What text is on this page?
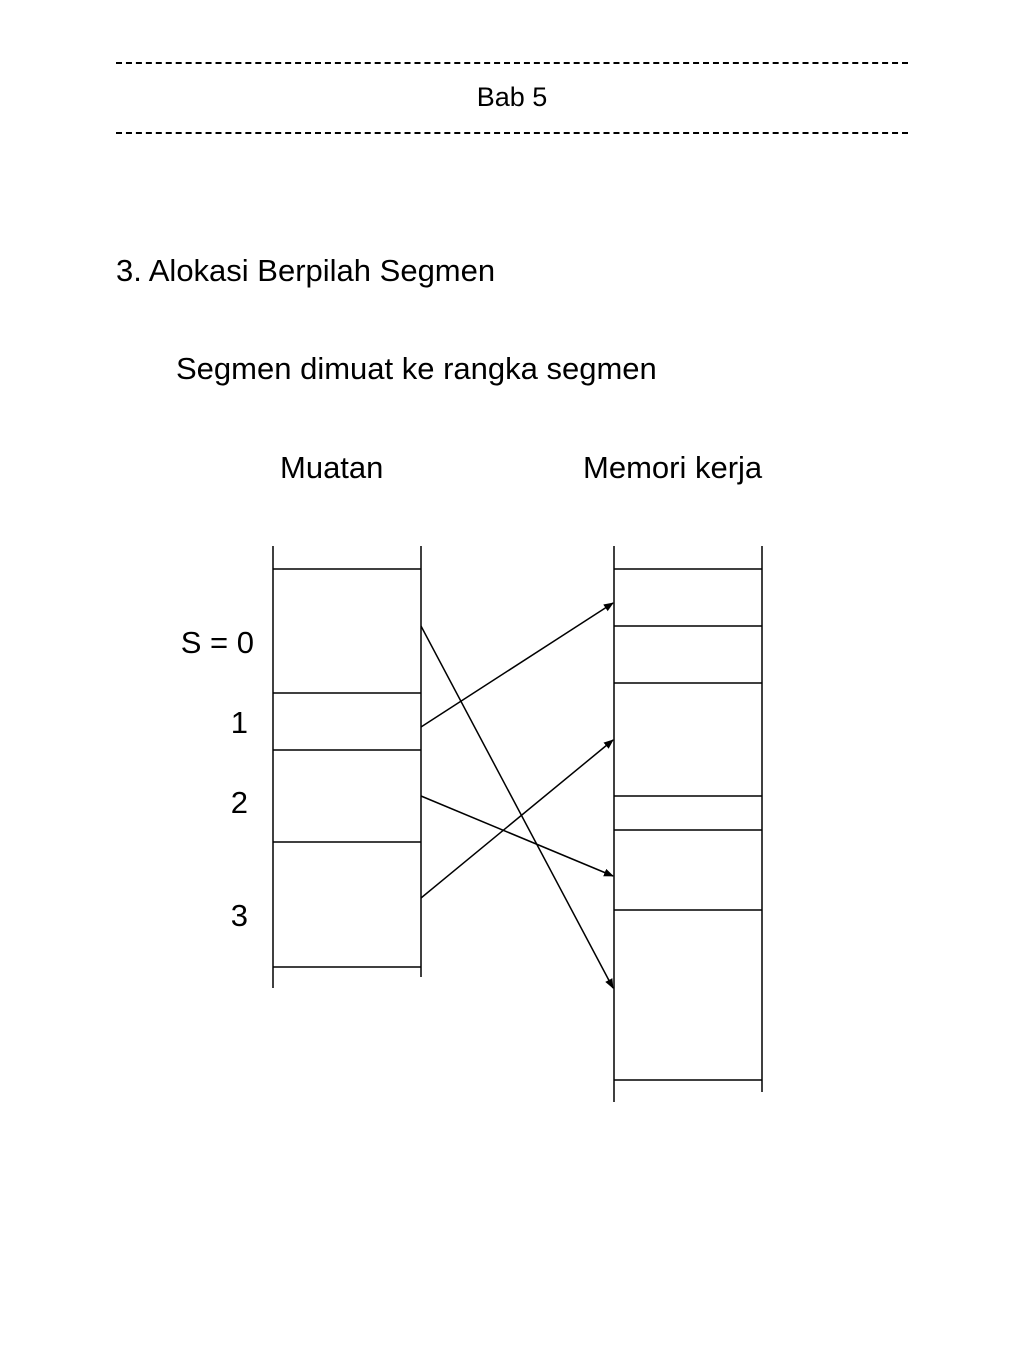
Bab 5
3. Alokasi Berpilah Segmen
Segmen dimuat ke rangka segmen
Muatan	Memori kerja
S = 0
1
2
3
